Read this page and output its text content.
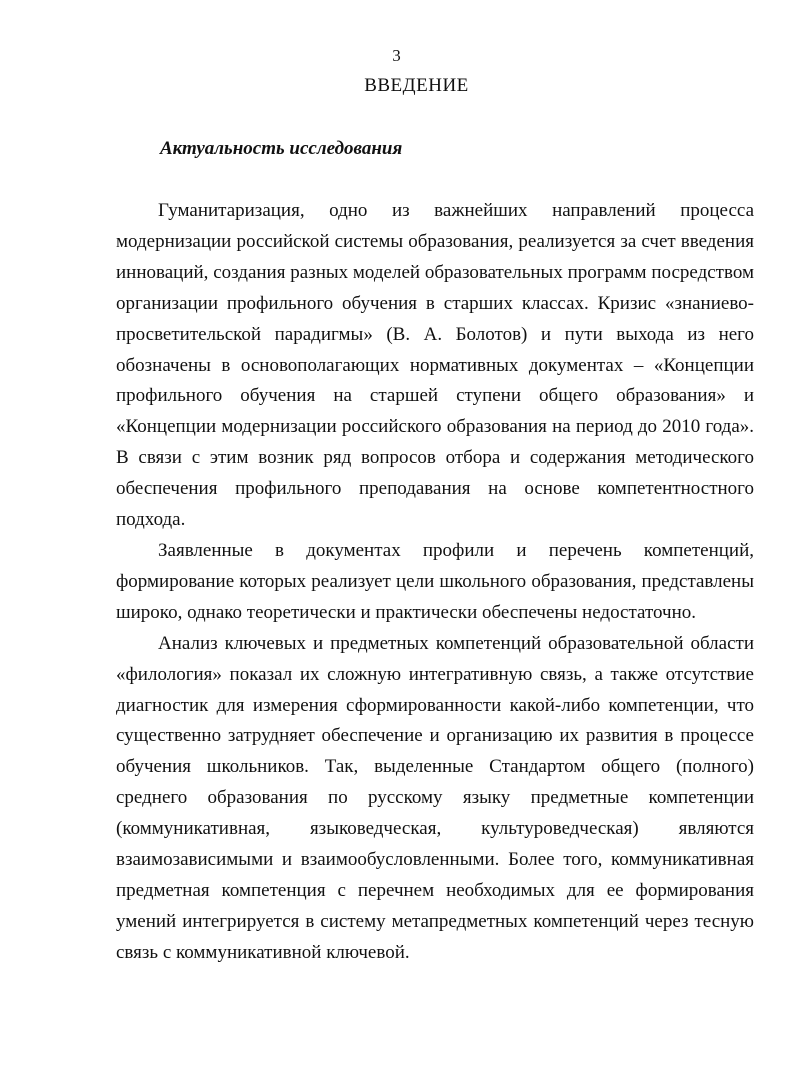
3
ВВЕДЕНИЕ
Актуальность исследования

Гуманитаризация, одно из важнейших направлений процесса модернизации российской системы образования, реализуется за счет введения инноваций, создания разных моделей образовательных программ посредством организации профильного обучения в старших классах. Кризис «знаниево-просветительской парадигмы» (В. А. Болотов) и пути выхода из него обозначены в основополагающих нормативных документах – «Концепции профильного обучения на старшей ступени общего образования» и «Концепции модернизации российского образования на период до 2010 года». В связи с этим возник ряд вопросов отбора и содержания методического обеспечения профильного преподавания на основе компетентностного подхода.

Заявленные в документах профили и перечень компетенций, формирование которых реализует цели школьного образования, представлены широко, однако теоретически и практически обеспечены недостаточно.

Анализ ключевых и предметных компетенций образовательной области «филология» показал их сложную интегративную связь, а также отсутствие диагностик для измерения сформированности какой-либо компетенции, что существенно затрудняет обеспечение и организацию их развития в процессе обучения школьников. Так, выделенные Стандартом общего (полного) среднего образования по русскому языку предметные компетенции (коммуникативная, языковедческая, культуроведческая) являются взаимозависимыми и взаимообусловленными. Более того, коммуникативная предметная компетенция с перечнем необходимых для ее формирования умений интегрируется в систему метапредметных компетенций через тесную связь с коммуникативной ключевой.
